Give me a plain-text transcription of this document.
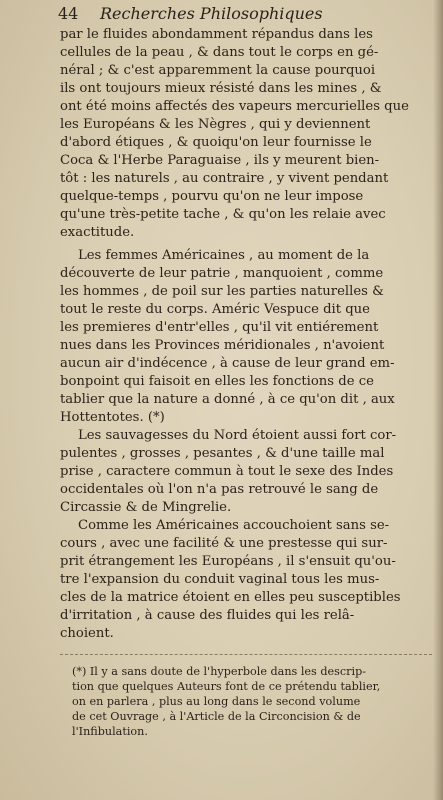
44 Recherches Philosophiques
par le fluides abondamment répandus dans les
cellules de la peau , & dans tout le corps en gé-
néral ; & c'est apparemment la cause pourquoi
ils ont toujours mieux résisté dans les mines , &
ont été moins affectés des vapeurs mercurielles que
les Européans & les Nègres , qui y deviennent
d'abord étiques , & quoiqu'on leur fournisse le
Coca & l'Herbe Paraguaise , ils y meurent bien-
tôt : les naturels , au contraire , y vivent pendant
quelque-temps , pourvu qu'on ne leur impose
qu'une très-petite tache , & qu'on les relaie avec
exactitude.
Les femmes Américaines , au moment de la
découverte de leur patrie , manquoient , comme
les hommes , de poil sur les parties naturelles &
tout le reste du corps. Améric Vespuce dit que
les premieres d'entr'elles , qu'il vit entiérement
nues dans les Provinces méridionales , n'avoient
aucun air d'indécence , à cause de leur grand em-
bonpoint qui faisoit en elles les fonctions de ce
tablier que la nature a donné , à ce qu'on dit , aux
Hottentotes. (*)
Les sauvagesses du Nord étoient aussi fort cor-
pulentes , grosses , pesantes , & d'une taille mal
prise , caractere commun à tout le sexe des Indes
occidentales où l'on n'a pas retrouvé le sang de
Circassie & de Mingrelie.
Comme les Américaines accouchoient sans se-
cours , avec une facilité & une prestesse qui sur-
prit étrangement les Européans , il s'ensuit qu'ou-
tre l'expansion du conduit vaginal tous les mus-
cles de la matrice étoient en elles peu susceptibles
d'irritation , à cause des fluides qui les relâ-
choient.
(*) Il y a sans doute de l'hyperbole dans les descrip-
tion que quelques Auteurs font de ce prétendu tablier,
on en parlera , plus au long dans le second volume
de cet Ouvrage , à l'Article de la Circoncision & de
l'Infibulation.
